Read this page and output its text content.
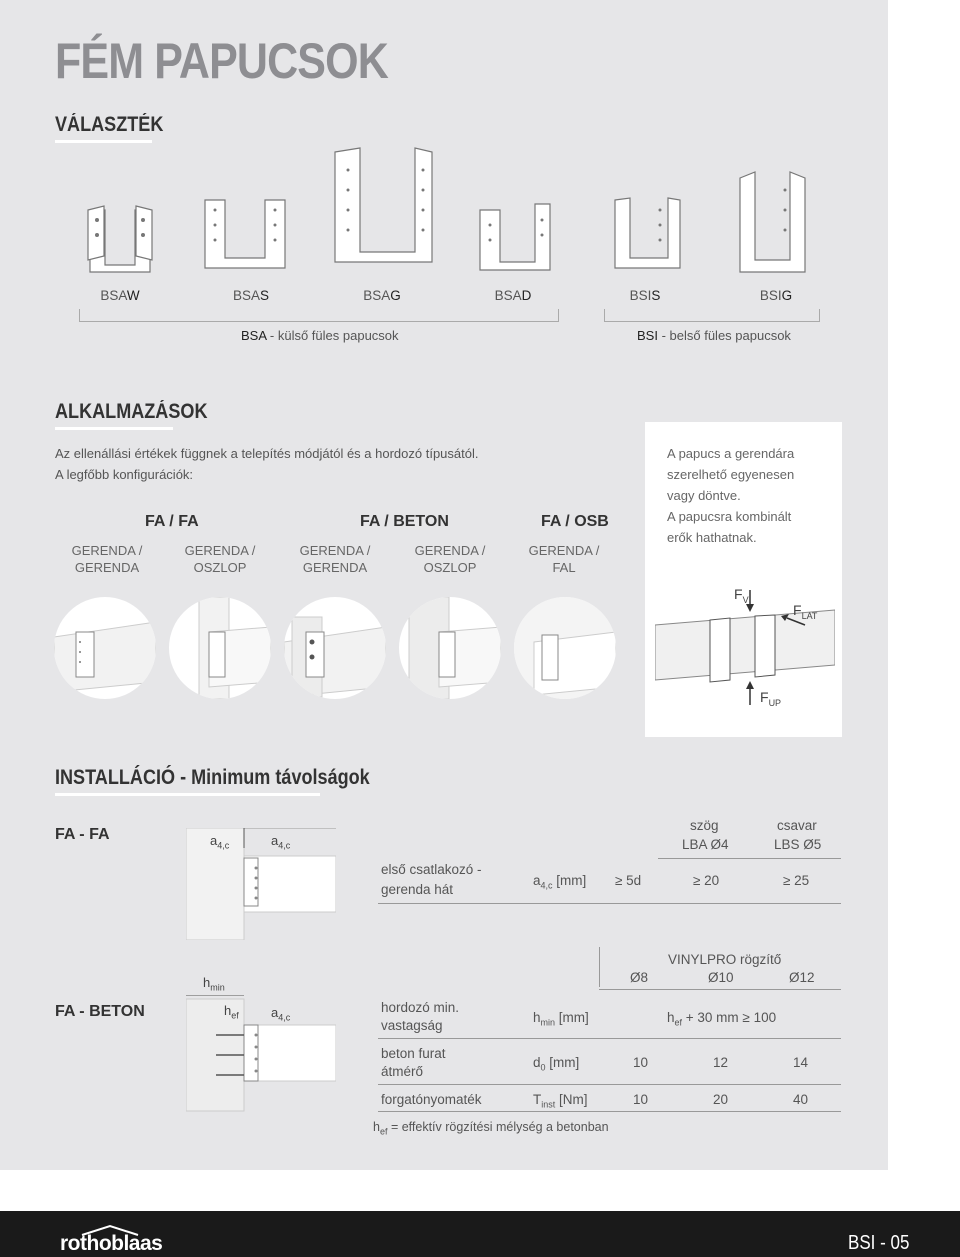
FÉM PAPUCSOK
VÁLASZTÉK
BSAW	BSAS	BSAG	BSAD	BSIS	BSIG
BSA - külső füles papucsok	BSI - belső füles papucsok
ALKALMAZÁSOK
Az ellenállási értékek függnek a telepítés módjától és a hordozó típusától.
A legfőbb konfigurációk:
FA / FA	FA / BETON	FA / OSB
GERENDA /
GERENDA
GERENDA /
OSZLOP
GERENDA /
GERENDA
GERENDA /
OSZLOP
GERENDA /
FAL
A papucs a gerendára
szerelhető egyenesen
vagy döntve.
A papucsra kombinált
erők hathatnak.
$F_V$
$F_{LAT}$
$F_{UP}$
INSTALLÁCIÓ - Minimum távolságok
FA - FA	$a_{4,c}$	$a_{4,c}$
szög
LBA Ø4
csavar
LBS Ø5
első csatlakozó -
gerenda hát
$a_{4,c}$ [mm] ≥ 5d	≥ 20	≥ 25
FA - BETON
$h_{min}$
$h_{ef}$ $a_{4,c}$
VINYLPRO rögzítő
Ø8	Ø10	Ø12
hordozó min.
vastagság
$h_{min}$ [mm]	$h_{ef} + 30$ mm ≥ 100
beton furat
átmérő
$d_0$ [mm]	10	12	14
forgatónyomaték	$T_{inst}$ [Nm]	10	20	40
$h_{ef}$ = effektív rögzítési mélység a betonban
rothoblaas	BSI - 05
